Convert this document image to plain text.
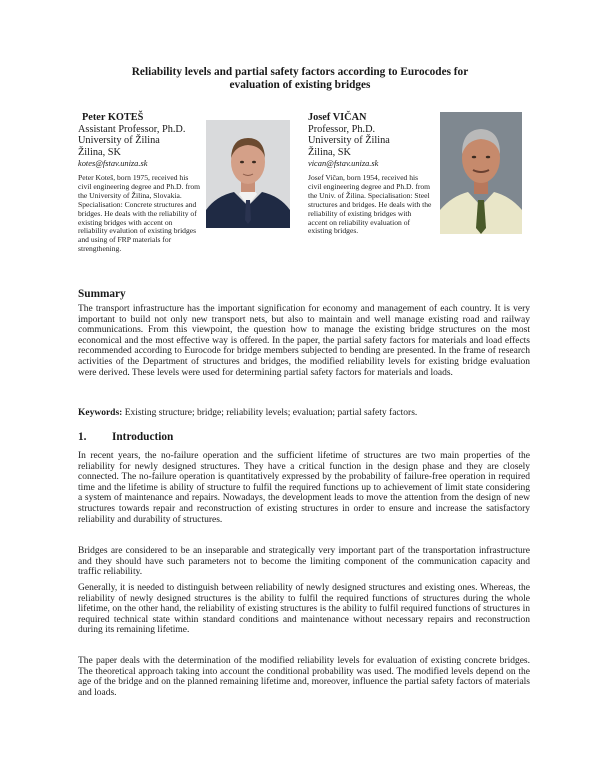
Reliability levels and partial safety factors according to Eurocodes for
evaluation of existing bridges
Peter KOTEŠ
Assistant Professor, Ph.D.
University of Žilina
Žilina, SK
kotes@fstav.uniza.sk
Peter Koteš, born 1975, received his civil engineering degree and Ph.D. from the University of Žilina, Slovakia. Specialisation: Concrete structures and bridges. He deals with the reliability of existing bridges with accent on reliability evalution of existing bridges and using of FRP materials for strengthening.
Josef VIČAN
Professor, Ph.D.
University of Žilina
Žilina, SK
vican@fstav.uniza.sk
Josef Vičan, born 1954, received his civil engineering degree and Ph.D. from the Univ. of Žilina. Specialisation: Steel structures and bridges. He deals with the reliability of existing bridges with accent on reliability evaluation of existing bridges.
Summary
The transport infrastructure has the important signification for economy and management of each country. It is very important to build not only new transport nets, but also to maintain and well manage existing road and railway communications. From this viewpoint, the question how to manage the existing bridge structures on the most economical and the most effective way is offered. In the paper, the partial safety factors for materials and load effects recommended according to Eurocode for bridge members subjected to bending are presented. In the frame of research activities of the Department of structures and bridges, the modified reliability levels for existing bridge evaluation were derived. These levels were used for determining partial safety factors for materials and loads.
Keywords: Existing structure; bridge; reliability levels; evaluation; partial safety factors.
1. Introduction
In recent years, the no-failure operation and the sufficient lifetime of structures are two main properties of the reliability for newly designed structures. They have a critical function in the design phase and they are closely connected. The no-failure operation is quantitatively expressed by the probability of failure-free operation in required time and the lifetime is ability of structure to fulfil the required functions up to achievement of limit state considering a system of maintenance and repairs. Nowadays, the development leads to move the attention from the design of new structures towards repair and reconstruction of existing structures in order to ensure and increase the satisfactory reliability and durability of structures.
Bridges are considered to be an inseparable and strategically very important part of the transportation infrastructure and they should have such parameters not to become the limiting component of the communication capacity and traffic reliability.
Generally, it is needed to distinguish between reliability of newly designed structures and existing ones. Whereas, the reliability of newly designed structures is the ability to fulfil the required functions of structures during the whole lifetime, on the other hand, the reliability of existing structures is the ability to fulfil required functions of structures in required technical state within standard conditions and maintenance without necessary repairs and reconstruction during its remaining lifetime.
The paper deals with the determination of the modified reliability levels for evaluation of existing concrete bridges. The theoretical approach taking into account the conditional probability was used. The modified levels depend on the age of the bridge and on the planned remaining lifetime and, moreover, influence the partial safety factors of materials and loads.
